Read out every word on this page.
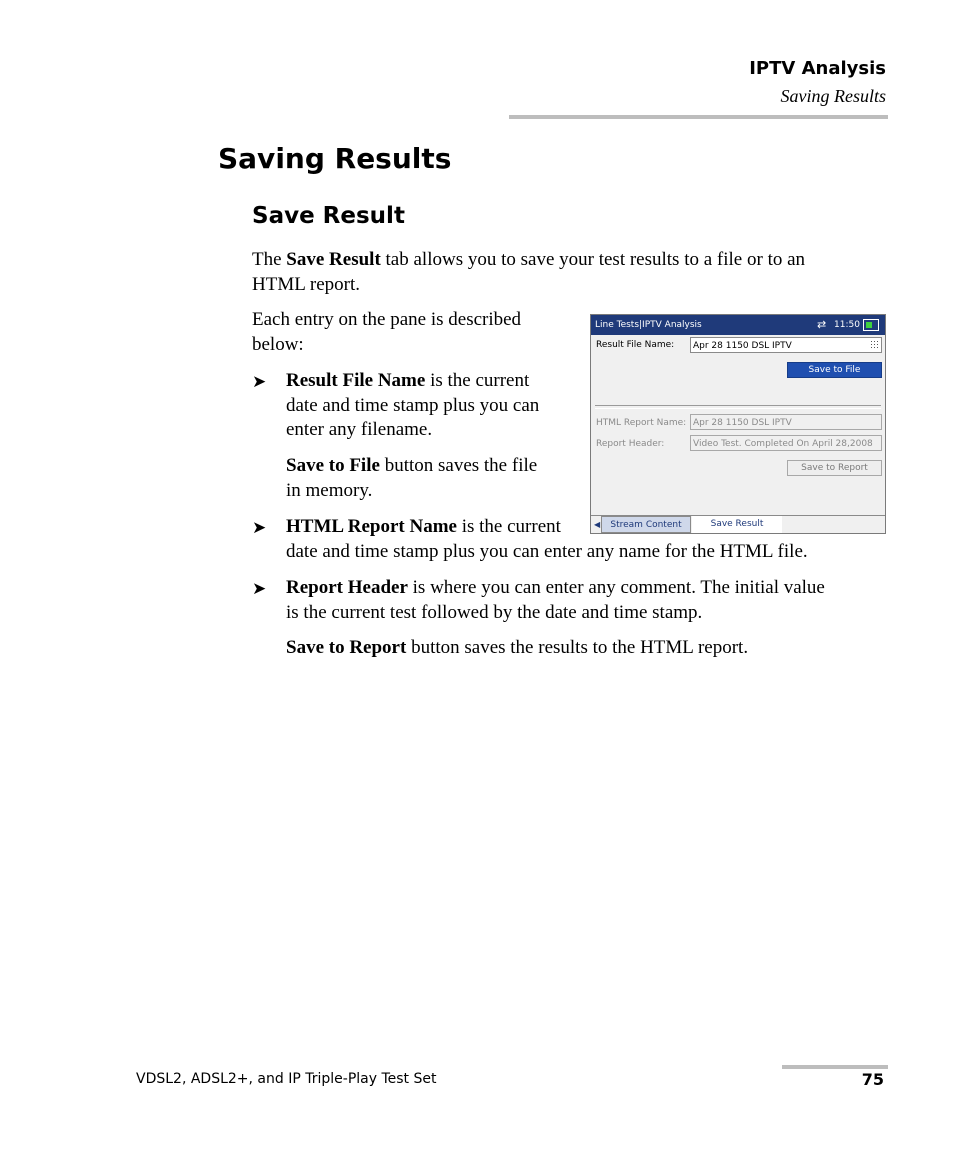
IPTV Analysis
Saving Results
Saving Results
Save Result

The Save Result tab allows you to save your test results to a file or to an
HTML report.

Each entry on the pane is described
below:

➤ Result File Name is the current
date and time stamp plus you can
enter any filename.

Save to File button saves the file
in memory.

➤ HTML Report Name is the current
date and time stamp plus you can enter any name for the HTML file.

➤ Report Header is where you can enter any comment. The initial value
is the current test followed by the date and time stamp.

Save to Report button saves the results to the HTML report.

Line Tests|IPTV Analysis	⇄ 11:50
Result File Name:	Apr 28 1150 DSL IPTV
Save to File
HTML Report Name: Apr 28 1150 DSL IPTV
Report Header:	Video Test. Completed On April 28,2008
Save to Report
◀	Stream Content	Save Result
VDSL2, ADSL2+, and IP Triple-Play Test Set	75
